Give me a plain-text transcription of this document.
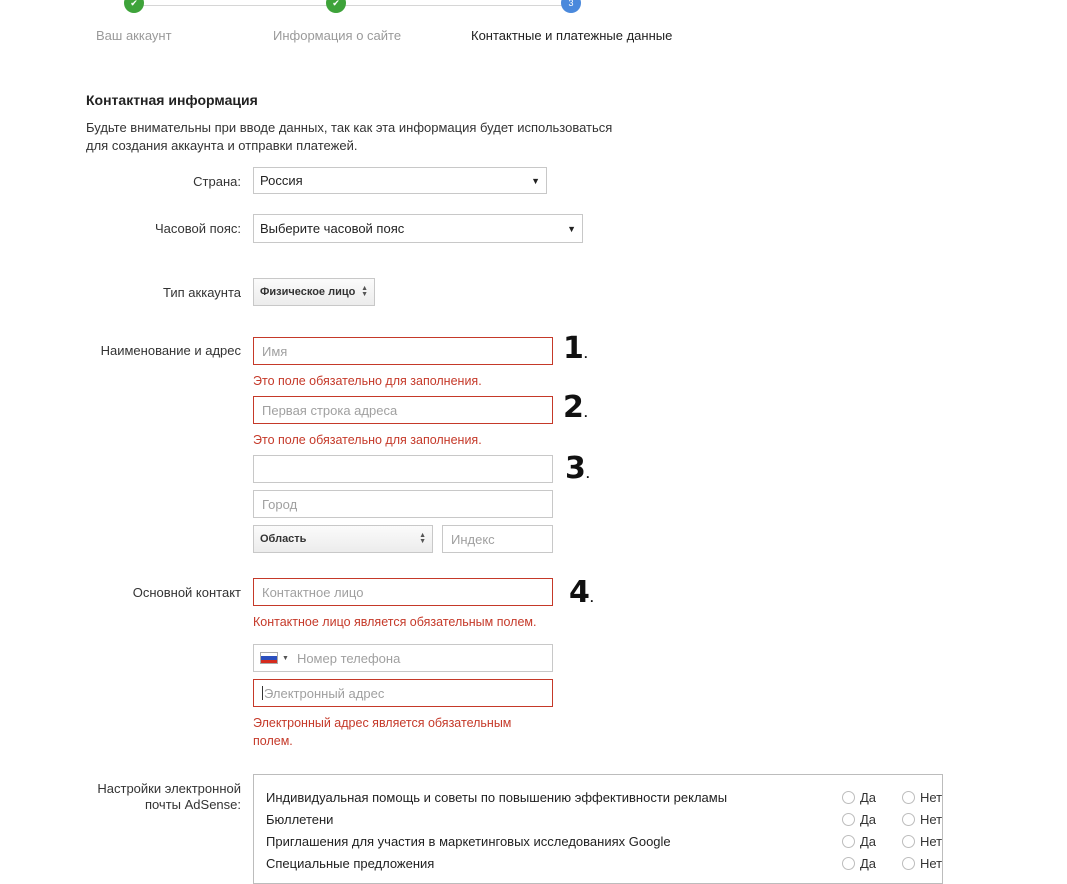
✔	✔	3
Ваш аккаунт	Информация о сайте	Контактные и платежные данные
Контактная информация
Будьте внимательны при вводе данных, так как эта информация будет использоваться
для создания аккаунта и отправки платежей.
Страна: Россия	▼
Часовой пояс: Выберите часовой пояс	▼
Тип аккаунта Физическое лицо ▲
▼
Наименование и адрес Имя
Это поле обязательно для заполнения.
Первая строка адреса
Это поле обязательно для заполнения.
Город
Область	▲
▼ Индекс
1.
2.
3.
4.
Основной контакт Контактное лицо
Контактное лицо является обязательным полем.
▼ Номер телефона
Электронный адрес
Электронный адрес является обязательным
полем.
Настройки электронной
почты AdSense: Индивидуальная помощь и советы по повышению эффективности рекламы	Да	Нет
Бюллетени	Да	Нет
Приглашения для участия в маркетинговых исследованиях Google	Да	Нет
Специальные предложения	Да	Нет
